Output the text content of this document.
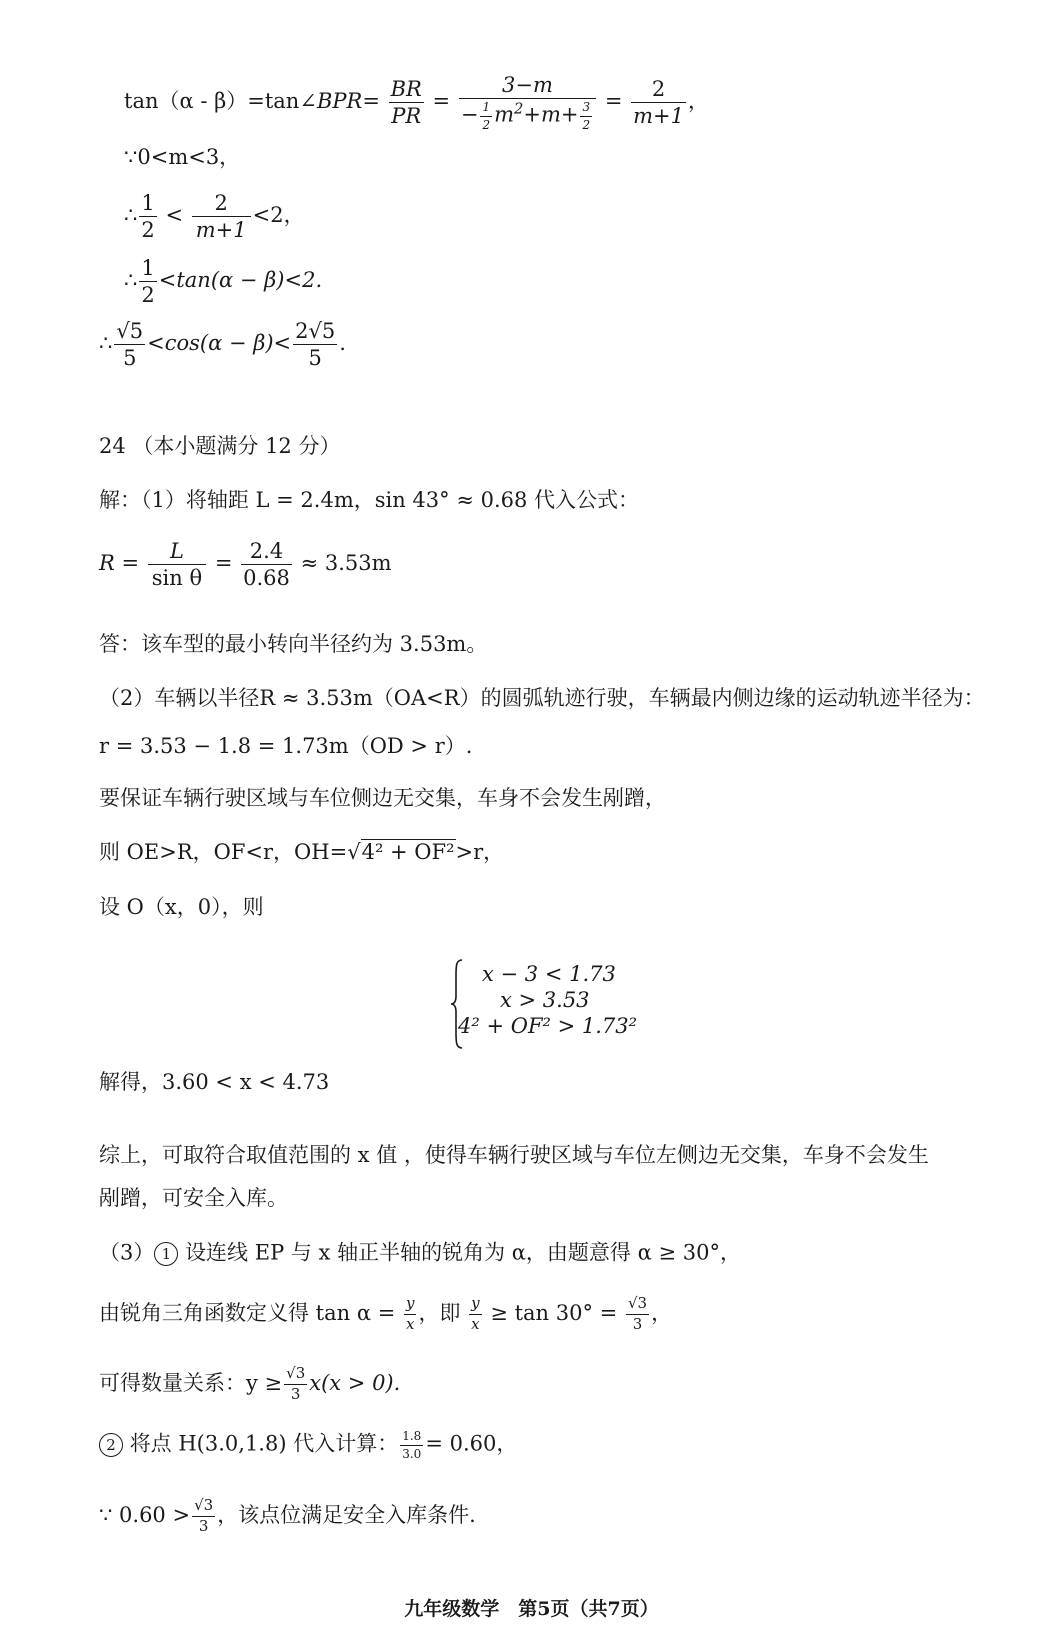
tan（α - β）=tan∠BPR= $\frac{BR}{PR} = \frac{3-m}{- \frac{1}{2} m^2+m+ \frac{3}{2}} = \frac{2}{m+1}$ ，
∵0<m<3，
∴ $\frac{1}{2} < \frac{2}{m+1} <2$，
∴ $\frac{1}{2} <\tan(\alpha - \beta)<2$.
∴ $\frac{√5}{5} <\cos(\alpha - \beta)< \frac{2√5}{5}$ .
24 （本小题满分 12 分）
解：（1）将轴距 L = 2.4m，sin 43° ≈ 0.68 代入公式：
$R = \frac{L}{\text{sin θ}} = \frac{2.4}{0.68} \approx 3.53m$
答：该车型的最小转向半径约为 3.53m。
（2）车辆以半径R ≈ 3.53m（OA<R）的圆弧轨迹行驶，车辆最内侧边缘的运动轨迹半径为：
r = 3.53 − 1.8 = 1.73m（OD > r）.
要保证车辆行驶区域与车位侧边无交集，车身不会发生剐蹭，
则 OE>R，OF<r，OH=√4² + OF²>r，
设 O（x，0），则
x − 3 < 1.73
x > 3.53
4² + OF² > 1.73²
解得，3.60 < x < 4.73
综上，可取符合取值范围的 x 值 ，使得车辆行驶区域与车位左侧边无交集，车身不会发生
剐蹭，可安全入库。
（3） 1 设连线 EP 与 x 轴正半轴的锐角为 α，由题意得 α ≥ 30°，
由锐角三角函数定义得 $\tan \alpha = \frac{y}{x}$ ，即 $\frac{y}{x} \ge \tan 30^\circ = \frac{√3}{3}$ ，
可得数量关系：$y \ge \frac{√3}{3} x(x > 0)$.
2 将点 H(3.0,1.8) 代入计算： $\frac{1.8}{3.0} = 0.60$，
∵ $0.60 > \frac{√3}{3}$ ，该点位满足安全入库条件.
九年级数学　第5页（共7页）
